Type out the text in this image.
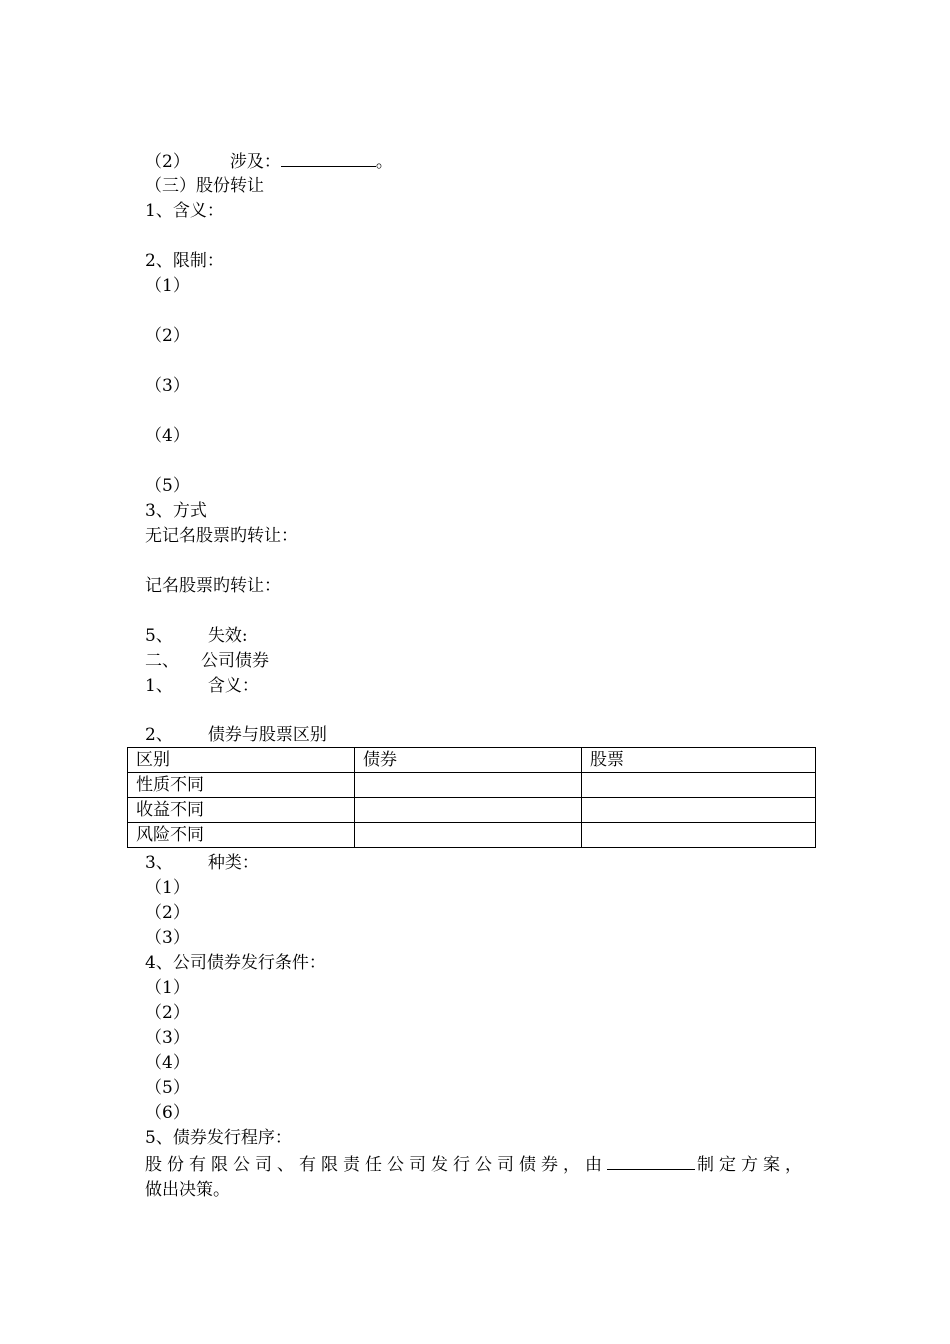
（2） 涉及：	。
（三）股份转让
1、含义：
2、限制：
（1）
（2）
（3）
（4）
（5）
3、方式
无记名股票旳转让：
记名股票旳转让：
5、 失效:
二、 公司债券
1、 含义：
2、 债券与股票区别
区别	债券	股票
性质不同		
收益不同		
风险不同		
3、 种类：
（1）
（2）
（3）
4、公司债券发行条件：
（1）
（2）
（3）
（4）
（5）
（6）
5、债券发行程序：
股份有限公司、有限责任公司发行公司债券，由	制定方案，
做出决策。
